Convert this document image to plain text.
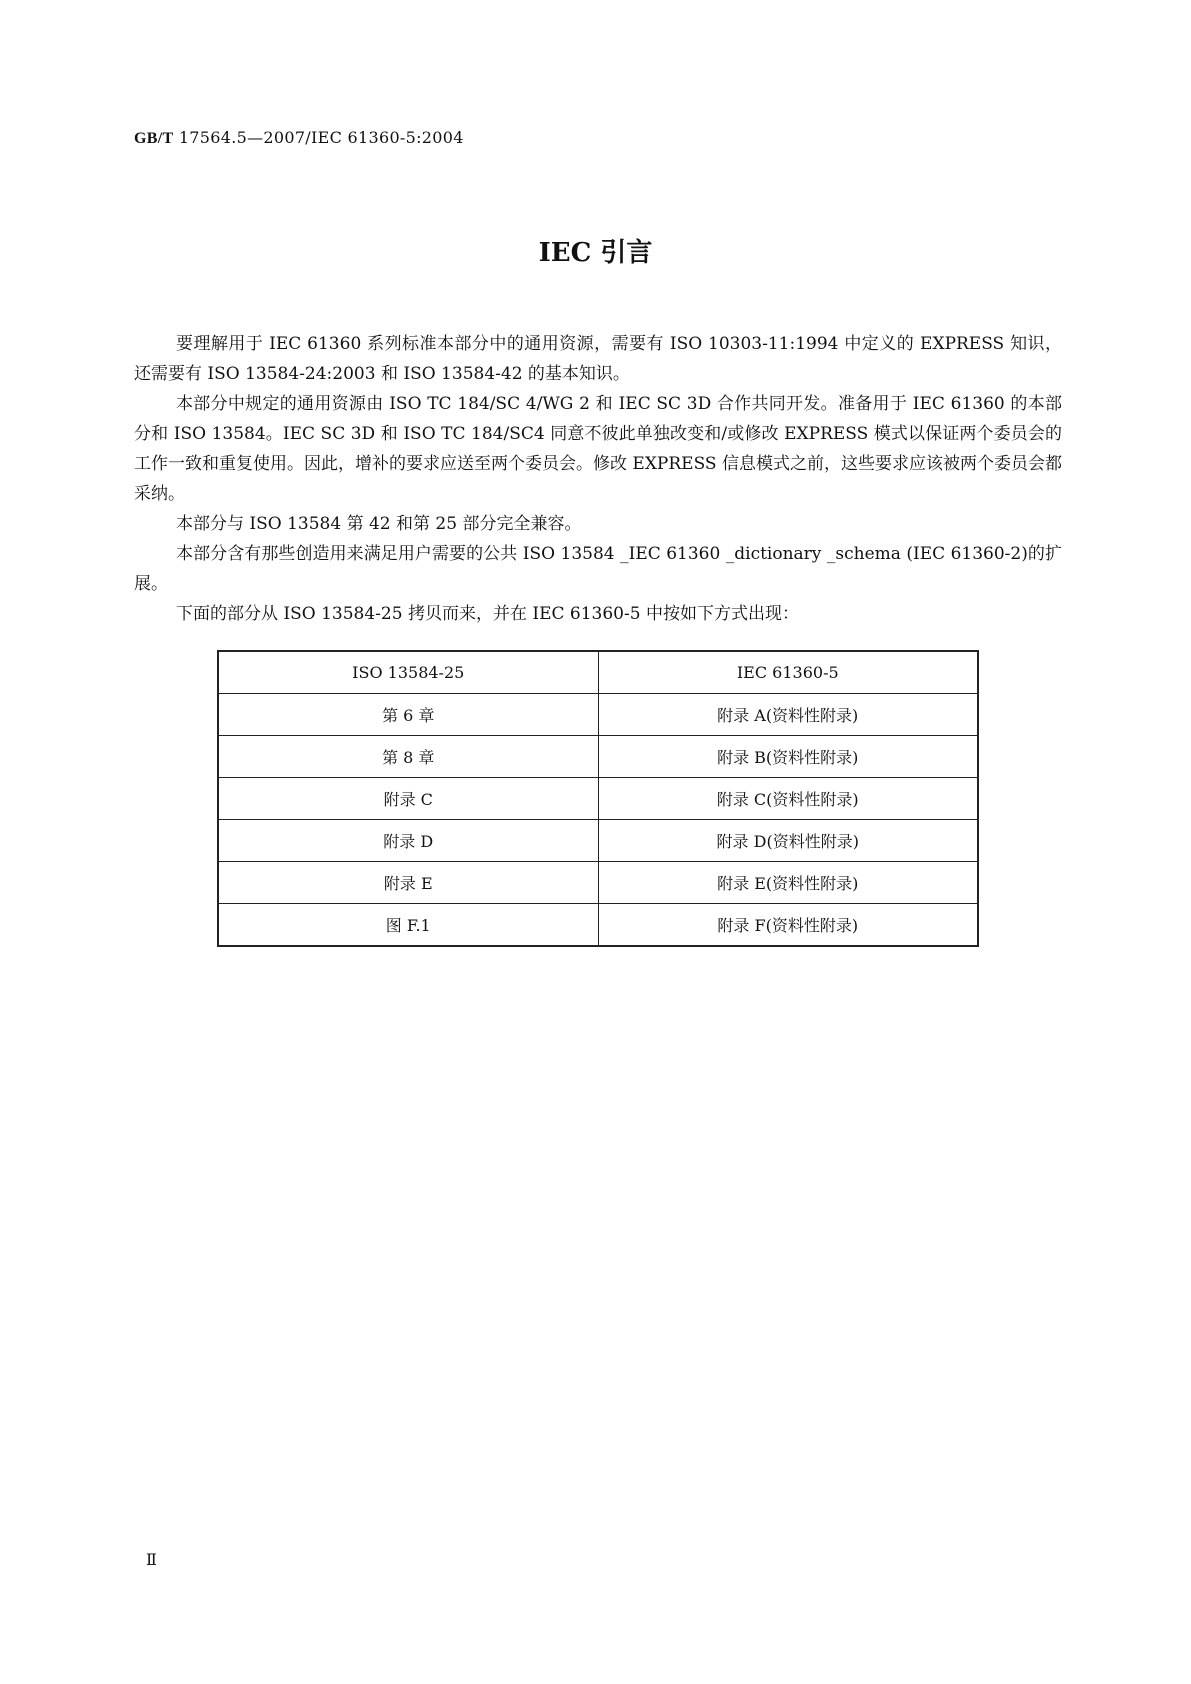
GB/T 17564.5—2007/IEC 61360-5:2004
IEC 引言

要理解用于 IEC 61360 系列标准本部分中的通用资源，需要有 ISO 10303-11:1994 中定义的 EXPRESS 知识，还需要有 ISO 13584-24:2003 和 ISO 13584-42 的基本知识。

本部分中规定的通用资源由 ISO TC 184/SC 4/WG 2 和 IEC SC 3D 合作共同开发。准备用于 IEC 61360 的本部分和 ISO 13584。IEC SC 3D 和 ISO TC 184/SC4 同意不彼此单独改变和/或修改 EXPRESS 模式以保证两个委员会的工作一致和重复使用。因此，增补的要求应送至两个委员会。修改 EXPRESS 信息模式之前，这些要求应该被两个委员会都采纳。

本部分与 ISO 13584 第 42 和第 25 部分完全兼容。

本部分含有那些创造用来满足用户需要的公共 ISO 13584 _IEC 61360 _dictionary _schema (IEC 61360-2)的扩展。

下面的部分从 ISO 13584-25 拷贝而来，并在 IEC 61360-5 中按如下方式出现：

ISO 13584-25	IEC 61360-5
第 6 章	附录 A(资料性附录)
第 8 章	附录 B(资料性附录)
附录 C	附录 C(资料性附录)
附录 D	附录 D(资料性附录)
附录 E	附录 E(资料性附录)
图 F.1	附录 F(资料性附录)
Ⅱ
